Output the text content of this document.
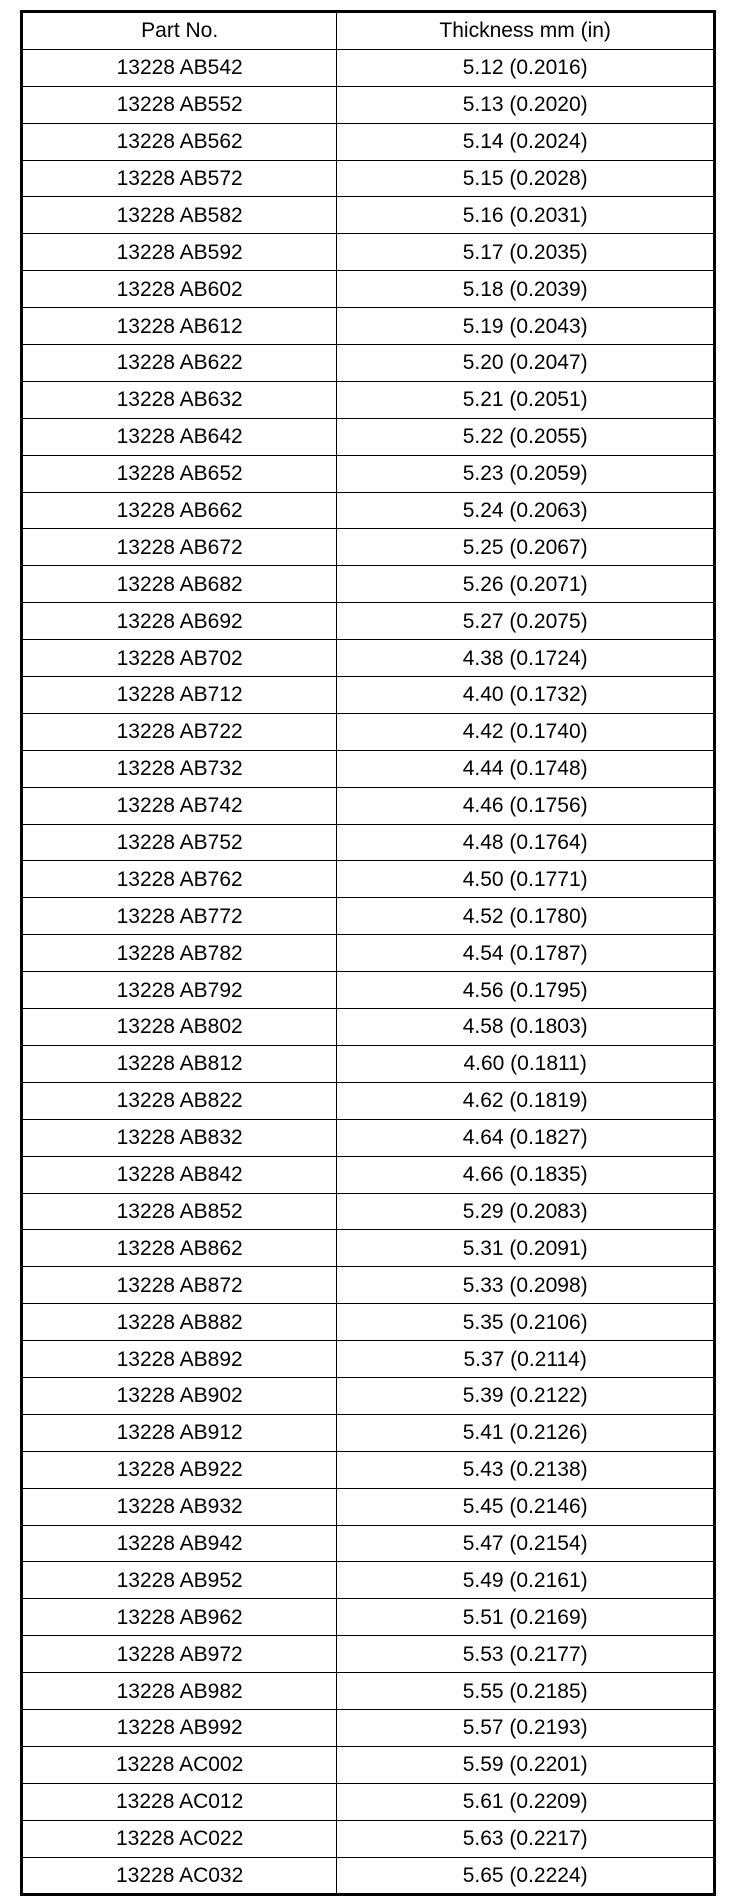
Part No.	Thickness mm (in)
13228 AB542	5.12 (0.2016)
13228 AB552	5.13 (0.2020)
13228 AB562	5.14 (0.2024)
13228 AB572	5.15 (0.2028)
13228 AB582	5.16 (0.2031)
13228 AB592	5.17 (0.2035)
13228 AB602	5.18 (0.2039)
13228 AB612	5.19 (0.2043)
13228 AB622	5.20 (0.2047)
13228 AB632	5.21 (0.2051)
13228 AB642	5.22 (0.2055)
13228 AB652	5.23 (0.2059)
13228 AB662	5.24 (0.2063)
13228 AB672	5.25 (0.2067)
13228 AB682	5.26 (0.2071)
13228 AB692	5.27 (0.2075)
13228 AB702	4.38 (0.1724)
13228 AB712	4.40 (0.1732)
13228 AB722	4.42 (0.1740)
13228 AB732	4.44 (0.1748)
13228 AB742	4.46 (0.1756)
13228 AB752	4.48 (0.1764)
13228 AB762	4.50 (0.1771)
13228 AB772	4.52 (0.1780)
13228 AB782	4.54 (0.1787)
13228 AB792	4.56 (0.1795)
13228 AB802	4.58 (0.1803)
13228 AB812	4.60 (0.1811)
13228 AB822	4.62 (0.1819)
13228 AB832	4.64 (0.1827)
13228 AB842	4.66 (0.1835)
13228 AB852	5.29 (0.2083)
13228 AB862	5.31 (0.2091)
13228 AB872	5.33 (0.2098)
13228 AB882	5.35 (0.2106)
13228 AB892	5.37 (0.2114)
13228 AB902	5.39 (0.2122)
13228 AB912	5.41 (0.2126)
13228 AB922	5.43 (0.2138)
13228 AB932	5.45 (0.2146)
13228 AB942	5.47 (0.2154)
13228 AB952	5.49 (0.2161)
13228 AB962	5.51 (0.2169)
13228 AB972	5.53 (0.2177)
13228 AB982	5.55 (0.2185)
13228 AB992	5.57 (0.2193)
13228 AC002	5.59 (0.2201)
13228 AC012	5.61 (0.2209)
13228 AC022	5.63 (0.2217)
13228 AC032	5.65 (0.2224)
